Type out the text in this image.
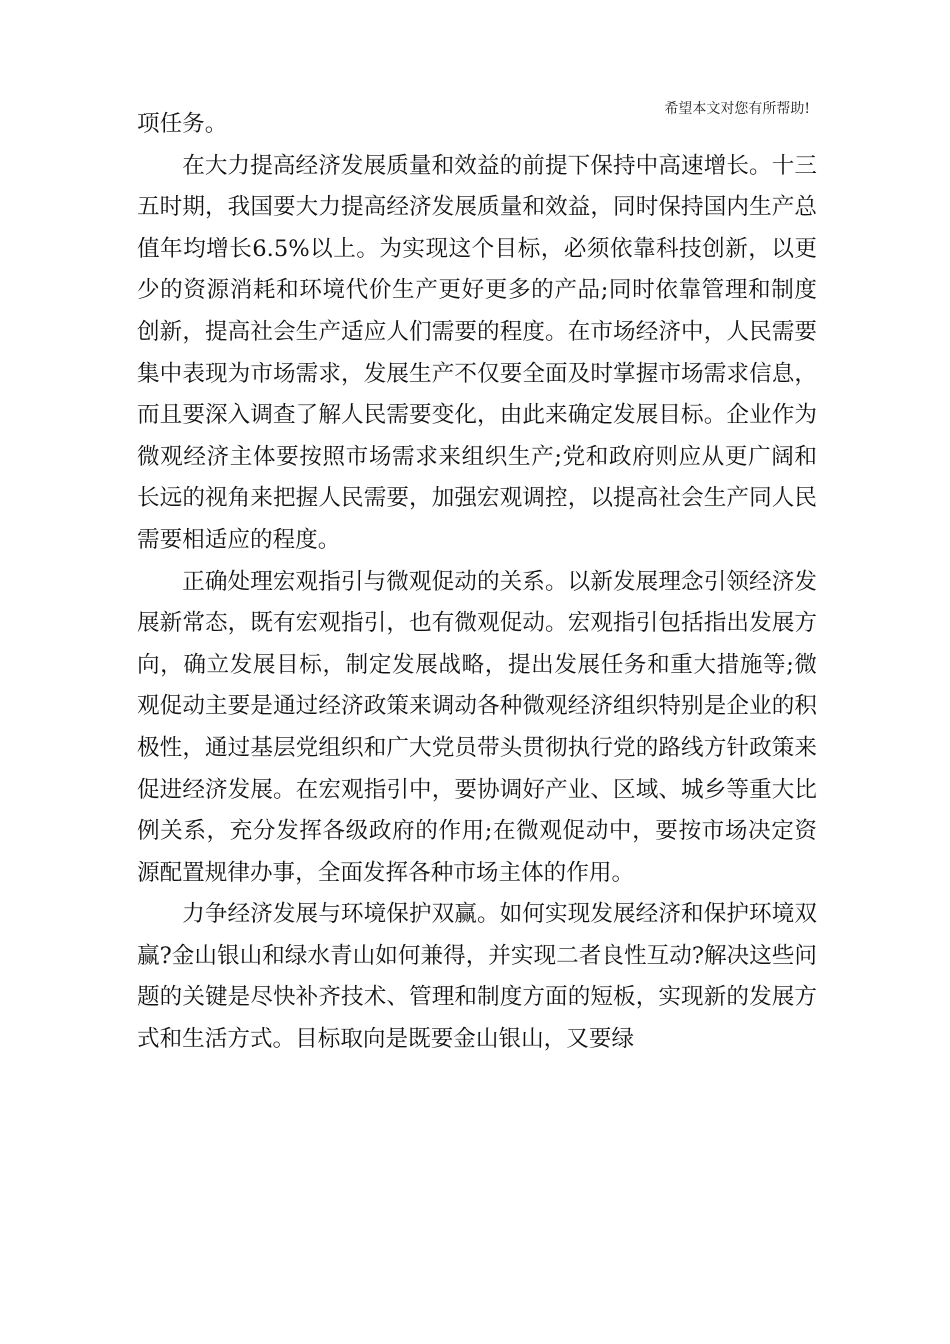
希望本文对您有所帮助!

项任务。

在大力提高经济发展质量和效益的前提下保持中高速增长。十三五时期，我国要大力提高经济发展质量和效益，同时保持国内生产总值年均增长6.5%以上。为实现这个目标，必须依靠科技创新，以更少的资源消耗和环境代价生产更好更多的产品;同时依靠管理和制度创新，提高社会生产适应人们需要的程度。在市场经济中，人民需要集中表现为市场需求，发展生产不仅要全面及时掌握市场需求信息，而且要深入调查了解人民需要变化，由此来确定发展目标。企业作为微观经济主体要按照市场需求来组织生产;党和政府则应从更广阔和长远的视角来把握人民需要，加强宏观调控，以提高社会生产同人民需要相适应的程度。

正确处理宏观指引与微观促动的关系。以新发展理念引领经济发展新常态，既有宏观指引，也有微观促动。宏观指引包括指出发展方向，确立发展目标，制定发展战略，提出发展任务和重大措施等;微观促动主要是通过经济政策来调动各种微观经济组织特别是企业的积极性，通过基层党组织和广大党员带头贯彻执行党的路线方针政策来促进经济发展。在宏观指引中，要协调好产业、区域、城乡等重大比例关系，充分发挥各级政府的作用;在微观促动中，要按市场决定资源配置规律办事，全面发挥各种市场主体的作用。

力争经济发展与环境保护双赢。如何实现发展经济和保护环境双赢?金山银山和绿水青山如何兼得，并实现二者良性互动?解决这些问题的关键是尽快补齐技术、管理和制度方面的短板，实现新的发展方式和生活方式。目标取向是既要金山银山，又要绿
